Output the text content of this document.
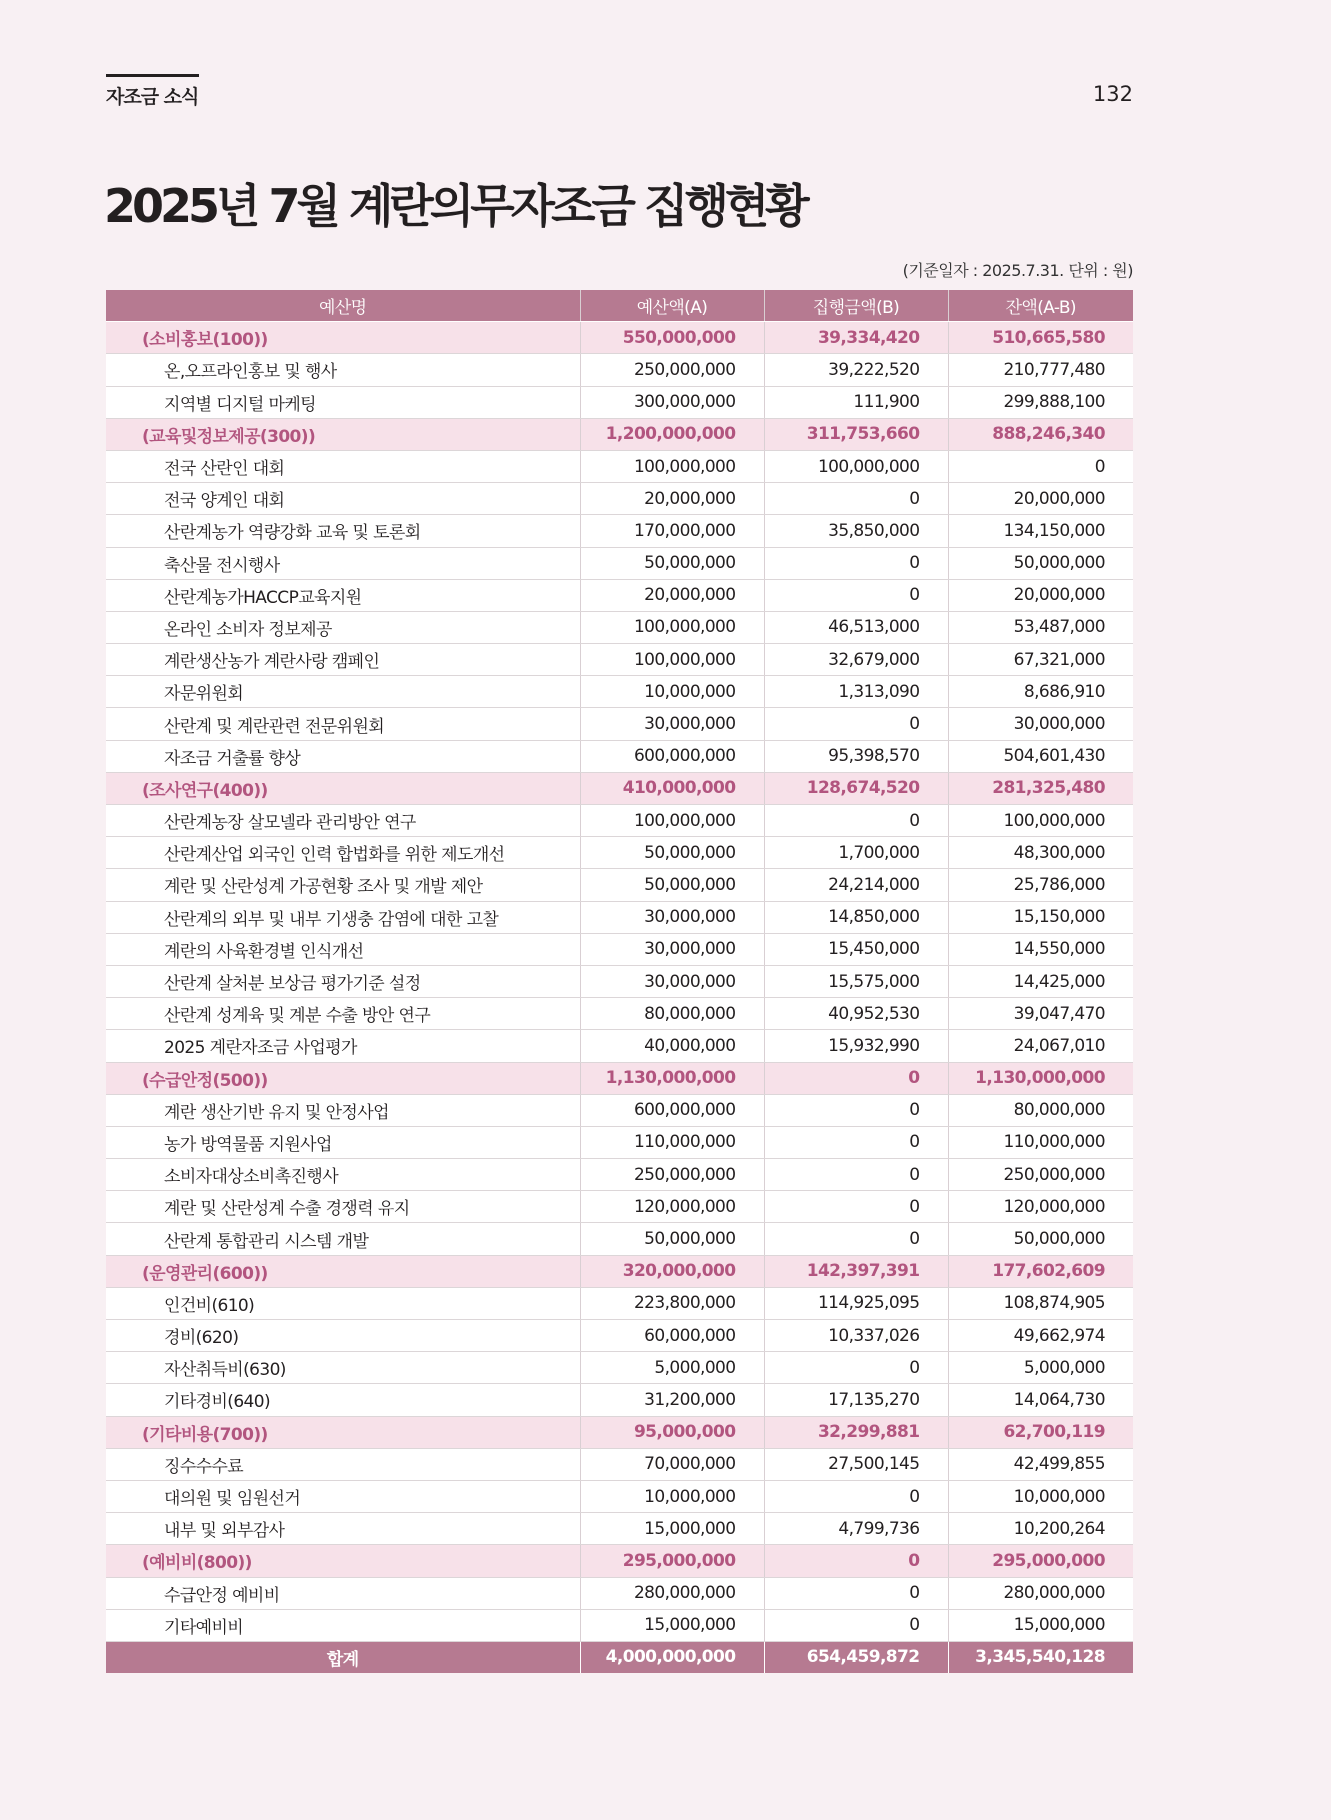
자조금 소식	132
2025년 7월 계란의무자조금 집행현황
(기준일자 : 2025.7.31. 단위 : 원)
예산명	예산액(A)	집행금액(B)	잔액(A-B)
(소비홍보(100))	550,000,000	39,334,420	510,665,580
온,오프라인홍보 및 행사	250,000,000	39,222,520	210,777,480
지역별 디지털 마케팅	300,000,000	111,900	299,888,100
(교육및정보제공(300))	1,200,000,000	311,753,660	888,246,340
전국 산란인 대회	100,000,000	100,000,000	0
전국 양계인 대회	20,000,000	0	20,000,000
산란계농가 역량강화 교육 및 토론회	170,000,000	35,850,000	134,150,000
축산물 전시행사	50,000,000	0	50,000,000
산란계농가HACCP교육지원	20,000,000	0	20,000,000
온라인 소비자 정보제공	100,000,000	46,513,000	53,487,000
계란생산농가 계란사랑 캠페인	100,000,000	32,679,000	67,321,000
자문위원회	10,000,000	1,313,090	8,686,910
산란계 및 계란관련 전문위원회	30,000,000	0	30,000,000
자조금 거출률 향상	600,000,000	95,398,570	504,601,430
(조사연구(400))	410,000,000	128,674,520	281,325,480
산란계농장 살모넬라 관리방안 연구	100,000,000	0	100,000,000
산란계산업 외국인 인력 합법화를 위한 제도개선	50,000,000	1,700,000	48,300,000
계란 및 산란성계 가공현황 조사 및 개발 제안	50,000,000	24,214,000	25,786,000
산란계의 외부 및 내부 기생충 감염에 대한 고찰	30,000,000	14,850,000	15,150,000
계란의 사육환경별 인식개선	30,000,000	15,450,000	14,550,000
산란계 살처분 보상금 평가기준 설정	30,000,000	15,575,000	14,425,000
산란계 성계육 및 계분 수출 방안 연구	80,000,000	40,952,530	39,047,470
2025 계란자조금 사업평가	40,000,000	15,932,990	24,067,010
(수급안정(500))	1,130,000,000	0	1,130,000,000
계란 생산기반 유지 및 안정사업	600,000,000	0	80,000,000
농가 방역물품 지원사업	110,000,000	0	110,000,000
소비자대상소비촉진행사	250,000,000	0	250,000,000
계란 및 산란성계 수출 경쟁력 유지	120,000,000	0	120,000,000
산란계 통합관리 시스템 개발	50,000,000	0	50,000,000
(운영관리(600))	320,000,000	142,397,391	177,602,609
인건비(610)	223,800,000	114,925,095	108,874,905
경비(620)	60,000,000	10,337,026	49,662,974
자산취득비(630)	5,000,000	0	5,000,000
기타경비(640)	31,200,000	17,135,270	14,064,730
(기타비용(700))	95,000,000	32,299,881	62,700,119
징수수수료	70,000,000	27,500,145	42,499,855
대의원 및 임원선거	10,000,000	0	10,000,000
내부 및 외부감사	15,000,000	4,799,736	10,200,264
(예비비(800))	295,000,000	0	295,000,000
수급안정 예비비	280,000,000	0	280,000,000
기타예비비	15,000,000	0	15,000,000
합계	4,000,000,000	654,459,872	3,345,540,128
